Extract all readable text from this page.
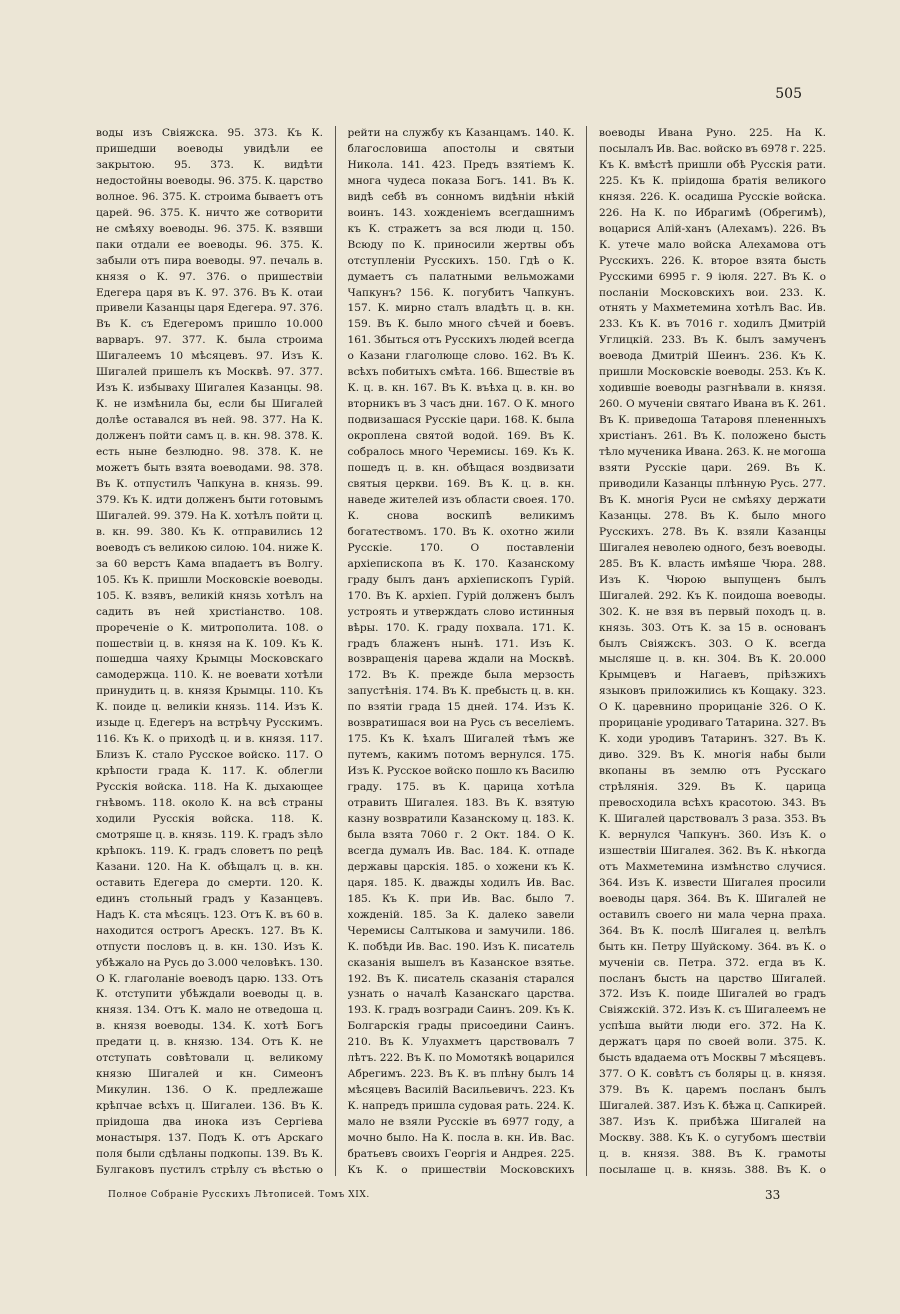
505
воды изъ Свіяжска. 95. 373. Къ К. пришедши воеводы увидѣли ее закрытою. 95. 373. К. видѣти недостойны воеводы. 96. 375. К. царство волное. 96. 375. К. строима бываетъ отъ царей. 96. 375. К. ничто же сотворити не смѣяху воеводы. 96. 375. К. взявши паки отдали ее воеводы. 96. 375. К. забыли отъ пира воеводы. 97. печаль в. князя о К. 97. 376. о пришествіи Едегера царя въ К. 97. 376. Въ К. отаи привели Казанцы царя Едегера. 97. 376. Въ К. съ Едегеромъ пришло 10.000 варваръ. 97. 377. К. была строима Шигалеемъ 10 мѣсяцевъ. 97. Изъ К. Шигалей пришелъ къ Москвѣ. 97. 377. Изъ К. избываху Шигалея Казанцы. 98. К. не измѣнила бы, если бы Шигалей долѣе оставался въ ней. 98. 377. На К. долженъ пойти самъ ц. в. кн. 98. 378. К. есть ныне безлюдно. 98. 378. К. не можетъ быть взята воеводами. 98. 378. Въ К. отпустилъ Чапкуна в. князь. 99. 379. Къ К. идти долженъ быти готовымъ Шигалей. 99. 379. На К. хотѣлъ пойти ц. в. кн. 99. 380. Къ К. отправились 12 воеводъ съ великою силою. 104. ниже К. за 60 верстъ Кама впадаетъ въ Волгу. 105. Къ К. пришли Московскіе воеводы. 105. К. взявъ, великій князь хотѣлъ на садить въ ней христіанство. 108. прореченіе о К. митрополита. 108. о пошествіи ц. в. князя на К. 109. Къ К. пошедша чаяху Крымцы Московскаго самодержца. 110. К. не воевати хотѣли принудить ц. в. князя Крымцы. 110. Къ К. поиде ц. великiи князь. 114. Изъ К. изыде ц. Едегеръ на встрѣчу Русскимъ. 116. Къ К. о приходѣ ц. и в. князя. 117. Близъ К. стало Русское войско. 117. О крѣпости града К. 117. К. облегли Русскія войска. 118. На К. дыхающее гнѣвомъ. 118. около К. на всѣ страны ходили Русскія войска. 118. К. смотряше ц. в. князь. 119. К. градъ зѣло крѣпокъ. 119. К. градъ словетъ по рецѣ Казани. 120. На К. обѣщалъ ц. в. кн. оставить Едегера до смерти. 120. К. единъ стольный градъ у Казанцевъ. Надъ К. ста мѣсяцъ. 123. Отъ К. въ 60 в. находится острогъ Арескъ. 127. Въ К. отпусти пословъ ц. в. кн. 130. Изъ К. убѣжало на Русь до 3.000 человѣкъ. 130. О К. глаголаніе воеводъ царю. 133. Отъ К. отступити убѣждали воеводы ц. в. князя. 134. Отъ К. мало не отведоша ц. в. князя воеводы. 134. К. хотѣ Богъ предати ц. в. князю. 134. Отъ К. не отступать совѣтовали ц. великому князю Шигалей и кн. Симеонъ Микулин. 136. О К. предлежаше крѣпчае всѣхъ ц. Шигалеи. 136. Въ К. пріидоша два инока изъ Сергіева монастыря. 137. Подъ К. отъ Арскаго поля были сдѣланы подкопы. 139. Въ К. Булгаковъ пустилъ стрѣлу съ вѣстью о
рейти на службу къ Казанцамъ. 140. К. благословиша апостолы и святыи Никола. 141. 423. Предъ взятіемъ К. многа чудеса показа Богъ. 141. Въ К. видѣ себѣ въ сонномъ видѣніи нѣкій воинъ. 143. хожденіемъ всегдашнимъ къ К. стражетъ за вся люди ц. 150. Всюду по К. приносили жертвы объ отступленіи Русскихъ. 150. Гдѣ о К. думаетъ съ палатными вельможами Чапкунъ? 156. К. погубитъ Чапкунъ. 157. К. мирно сталъ владѣть ц. в. кн. 159. Въ К. было много сѣчей и боевъ. 161. Збыться отъ Русскихъ людей всегда о Казани глаголюще слово. 162. Въ К. всѣхъ побитыхъ смѣта. 166. Вшествіе въ К. ц. в. кн. 167. Въ К. въѣха ц. в. кн. во вторникъ въ 3 часъ дни. 167. О К. много подвизашася Русскіе цари. 168. К. была окроплена святой водой. 169. Въ К. собралось много Черемисы. 169. Къ К. пошедъ ц. в. кн. обѣщася воздвизати святыя церкви. 169. Въ К. ц. в. кн. наведе жителей изъ области своея. 170. К. снова воскипѣ великимъ богатествомъ. 170. Въ К. охотно жили Русскіе. 170. О поставленіи архіепископа въ К. 170. Казанскому граду былъ данъ архіепископъ Гурій. 170. Въ К. архіеп. Гурій долженъ былъ устроять и утверждать слово истинныя вѣры. 170. К. граду похвала. 171. К. градъ блаженъ нынѣ. 171. Изъ К. возвращенія царева ждали на Москвѣ. 172. Въ К. прежде была мерзость запустѣнія. 174. Въ К. пребысть ц. в. кн. по взятіи града 15 дней. 174. Изъ К. возвратишася вои на Русь съ веселіемъ. 175. Къ К. ѣхалъ Шигалей тѣмъ же путемъ, какимъ потомъ вернулся. 175. Изъ К. Русское войско пошло къ Василю граду. 175. въ К. царица хотѣла отравить Шигалея. 183. Въ К. взятую казну возвратили Казанскому ц. 183. К. была взята 7060 г. 2 Окт. 184. О К. всегда думалъ Ив. Вас. 184. К. отпаде державы царскія. 185. о хожени къ К. царя. 185. К. дважды ходилъ Ив. Вас. 185. Къ К. при Ив. Вас. было 7. хожденій. 185. За К. далеко завели Черемисы Салтыкова и замучили. 186. К. побѣди Ив. Вас. 190. Изъ К. писатель сказанія вышелъ въ Казанское взятье. 192. Въ К. писатель сказанія старался узнать о началѣ Казанскаго царства. 193. К. градъ возгради Саинъ. 209. Къ К. Болгарскія грады присоедини Саинъ. 210. Въ К. Улуахметъ царствовалъ 7 лѣтъ. 222. Въ К. по Момотякѣ воцарился Абрегимъ. 223. Въ К. въ плѣну былъ 14 мѣсяцевъ Василій Васильевичъ. 223. Къ К. напредъ пришла судовая рать. 224. К. мало не взяли Русскіе въ 6977 году, а мочно было. На К. посла в. кн. Ив. Вас. братьевъ своихъ Георгія и Андрея. 225. Къ К. о пришествіи Московскихъ
воеводы Ивана Руно. 225. На К. посылалъ Ив. Вас. войско въ 6978 г. 225. Къ К. вмѣстѣ пришли обѣ Русскія рати. 225. Къ К. пріидоша братія великого князя. 226. К. осадиша Русскіе войска. 226. На К. по Ибрагимѣ (Обрегимѣ), воцарися Алій-ханъ (Алехамъ). 226. Въ К. утече мало войска Алехамова отъ Русскихъ. 226. К. второе взята бысть Русскими 6995 г. 9 іюля. 227. Въ К. о посланіи Московскихъ вои. 233. К. отнять у Махметемина хотѣлъ Вас. Ив. 233. Къ К. въ 7016 г. ходилъ Дмитрій Углицкій. 233. Въ К. былъ замученъ воевода Дмитрій Шеинъ. 236. Къ К. пришли Московскіе воеводы. 253. Къ К. ходившіе воеводы разгнѣвали в. князя. 260. О мученіи святаго Ивана въ К. 261. Въ К. приведоша Татаровя плененныхъ христіанъ. 261. Въ К. положено бысть тѣло мученика Ивана. 263. К. не могоша взяти Русскіе цари. 269. Въ К. приводили Казанцы плѣнную Русь. 277. Въ К. многія Руси не смѣяху держати Казанцы. 278. Въ К. было много Русскихъ. 278. Въ К. взяли Казанцы Шигалея неволею одного, безъ воеводы. 285. Въ К. власть имѣяше Чюра. 288. Изъ К. Чюрою выпущенъ былъ Шигалей. 292. Къ К. поидоша воеводы. 302. К. не взя въ первый походъ ц. в. князь. 303. Отъ К. за 15 в. основанъ былъ Свіяжскъ. 303. О К. всегда мысляше ц. в. кн. 304. Въ К. 20.000 Крымцевъ и Нагаевъ, пріѣзжихъ языковъ приложились къ Кощаку. 323. О К. царевнино прорицаніе 326. О К. прорицаніе уродиваго Татарина. 327. Въ К. ходи уродивъ Татаринъ. 327. Въ К. диво. 329. Въ К. многія набы были вкопаны въ землю отъ Русскаго стрѣлянія. 329. Въ К. царица превосходила всѣхъ красотою. 343. Въ К. Шигалей царствовалъ 3 раза. 353. Въ К. вернулся Чапкунъ. 360. Изъ К. о изшествіи Шигалея. 362. Въ К. нѣкогда отъ Махметемина измѣнство случися. 364. Изъ К. извести Шигалея просили воеводы царя. 364. Въ К. Шигалей не оставилъ своего ни мала черна праха. 364. Въ К. послѣ Шигалея ц. велѣлъ быть кн. Петру Шуйскому. 364. въ К. о мученіи св. Петра. 372. егда въ К. посланъ бысть на царство Шигалей. 372. Изъ К. поиде Шигалей во градъ Свіяжскій. 372. Изъ К. съ Шигалеемъ не успѣша выйти люди его. 372. На К. держатъ царя по своей воли. 375. К. бысть вдадаема отъ Москвы 7 мѣсяцевъ. 377. О К. совѣтъ съ боляры ц. в. князя. 379. Въ К. царемъ посланъ былъ Шигалей. 387. Изъ К. бѣжа ц. Сапкирей. 387. Изъ К. прибѣжа Шигалей на Москву. 388. Къ К. о сугубомъ шествіи ц. в. князя. 388. Въ К. грамоты посылаше ц. в. князь. 388. Въ К. о
Полное Собраніе Русскихъ Лѣтописей. Томъ XIX.	33
